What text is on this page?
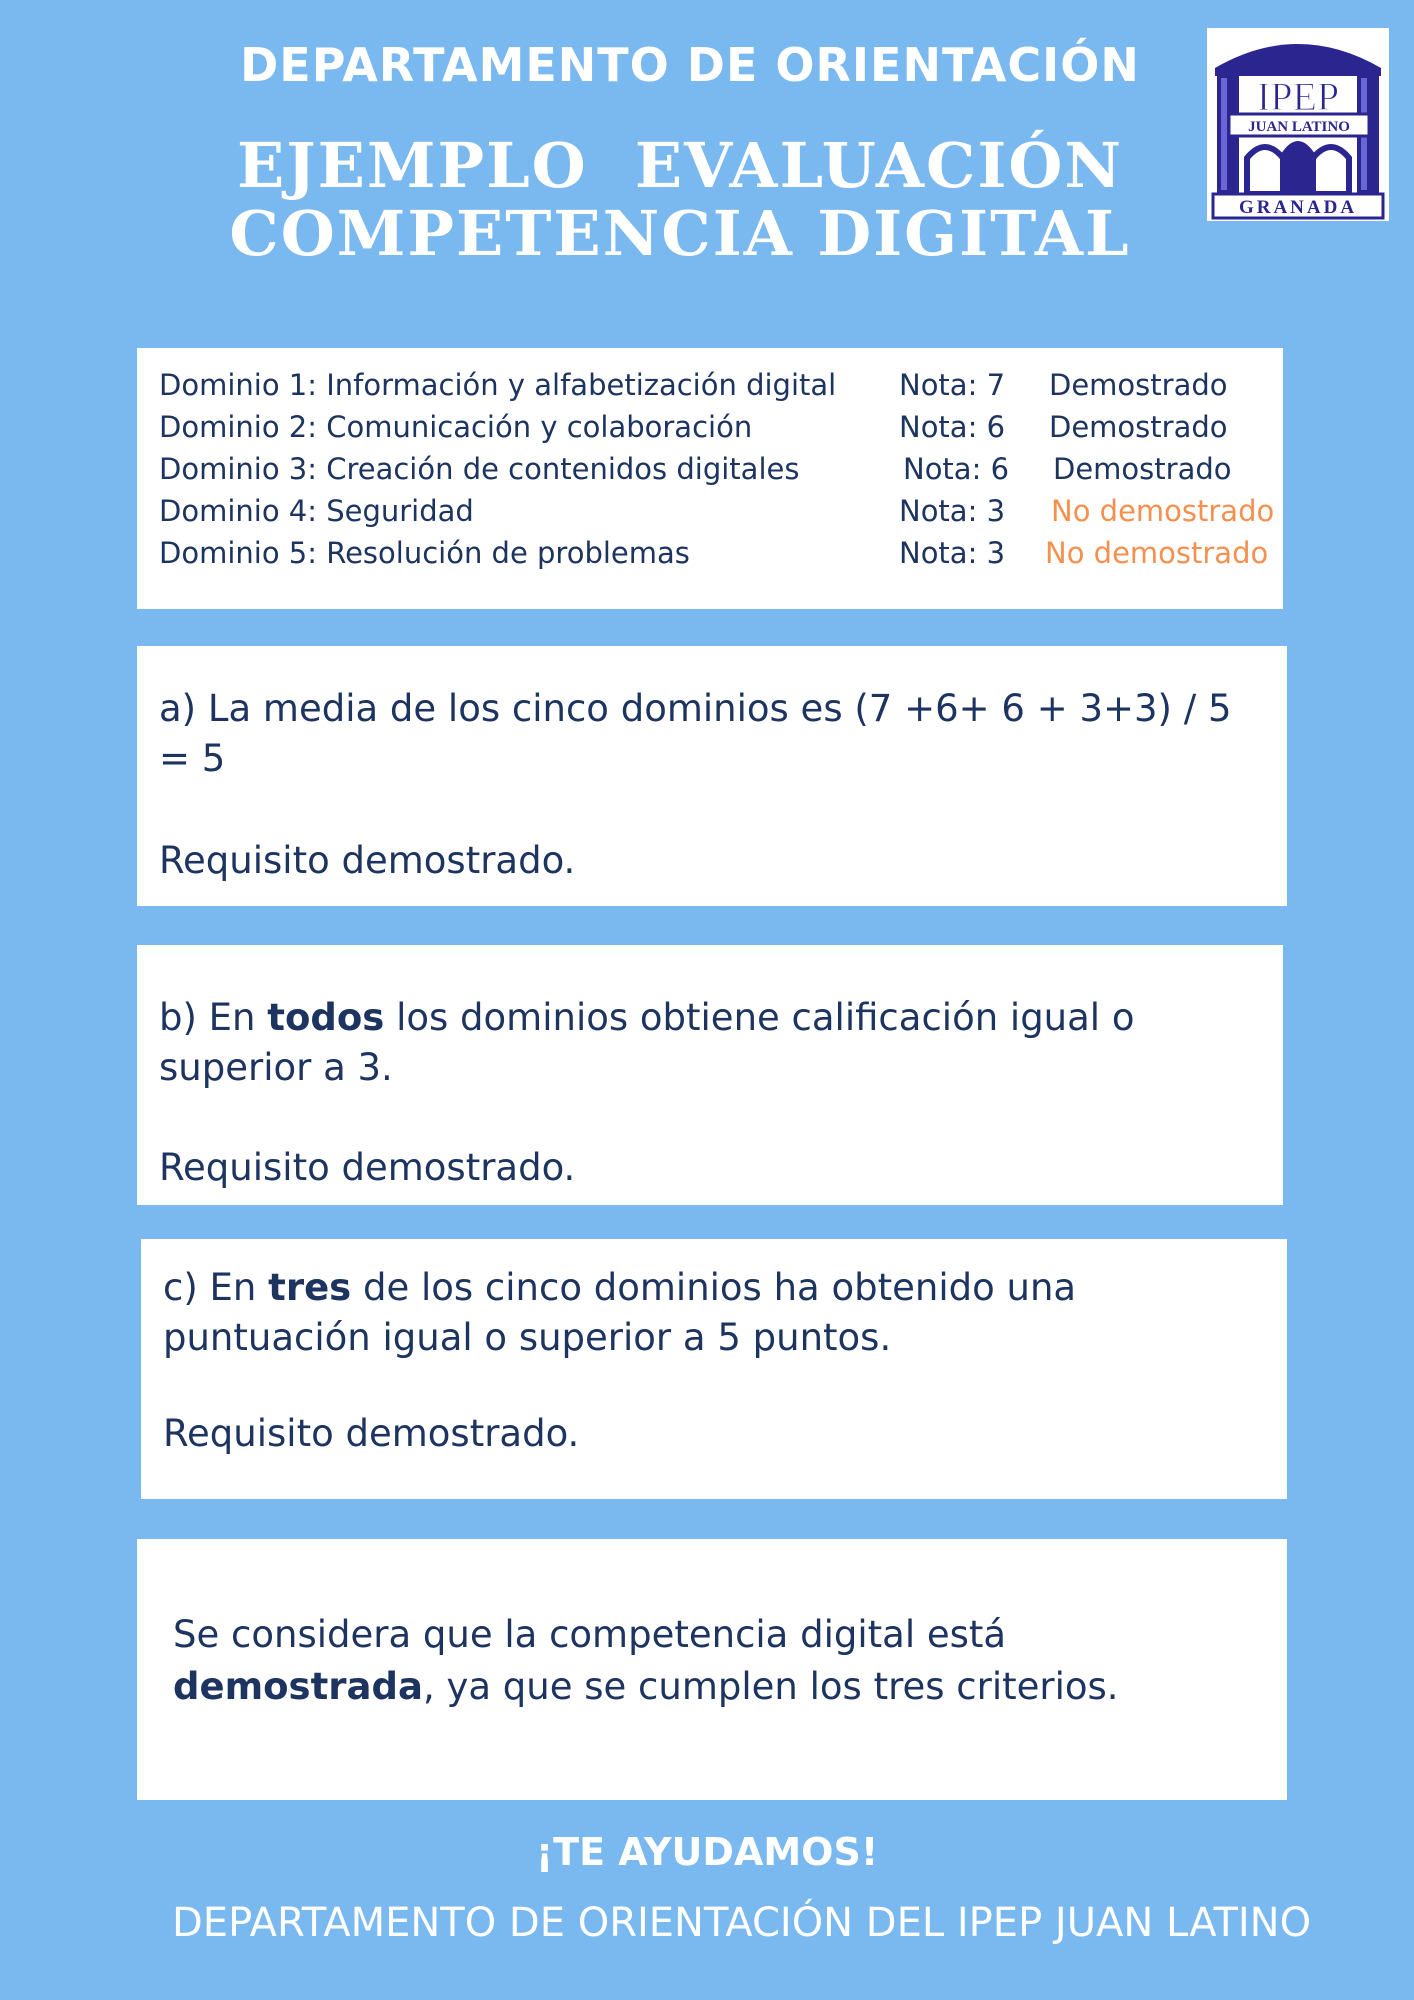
DEPARTAMENTO DE ORIENTACIÓN
EJEMPLO  EVALUACIÓN
COMPETENCIA DIGITAL
JUAN LATINO
IPEP
GRANADA
Dominio 1: Información y alfabetización digital Nota: 7 Demostrado
Dominio 2: Comunicación y colaboración	Nota: 6 Demostrado
Dominio 3: Creación de contenidos digitales	Nota: 6 Demostrado
Dominio 4: Seguridad	Nota: 3 No demostrado
Dominio 5: Resolución de problemas	Nota: 3 No demostrado

a) La media de los cinco dominios es (7 +6+ 6 + 3+3) / 5 = 5

Requisito demostrado.

b) En todos los dominios obtiene calificación igual o superior a 3.

Requisito demostrado.

c) En tres de los cinco dominios ha obtenido una puntuación igual o superior a 5 puntos.

Requisito demostrado.

Se considera que la competencia digital está demostrada, ya que se cumplen los tres criterios.

¡TE AYUDAMOS!
DEPARTAMENTO DE ORIENTACIÓN DEL IPEP JUAN LATINO
